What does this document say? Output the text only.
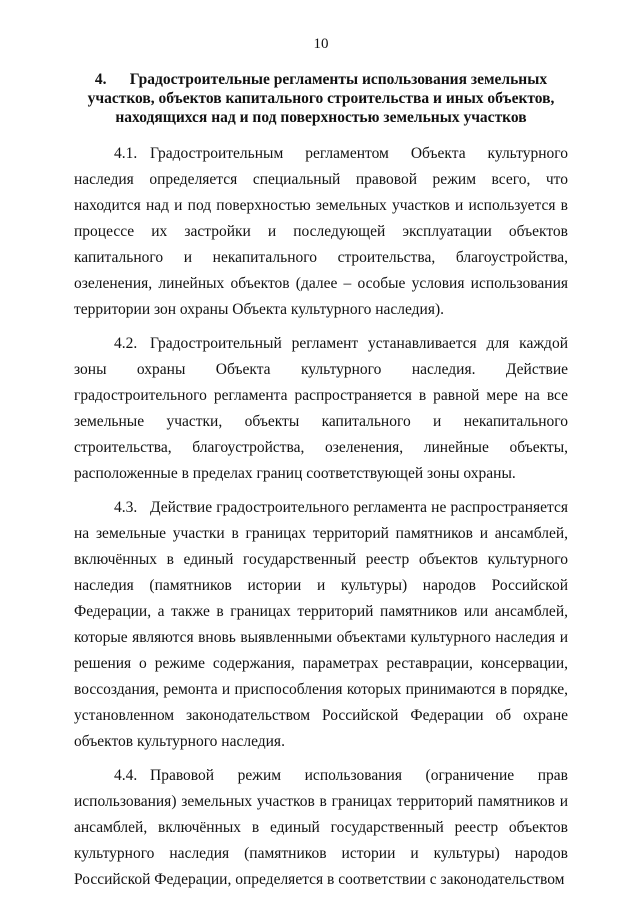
10
4. Градостроительные регламенты использования земельных
участков, объектов капитального строительства и иных объектов,
находящихся над и под поверхностью земельных участков

4.1. Градостроительным регламентом Объекта культурного наследия определяется специальный правовой режим всего, что находится над и под поверхностью земельных участков и используется в процессе их застройки и последующей эксплуатации объектов капитального и некапитального строительства, благоустройства, озеленения, линейных объектов (далее – особые условия использования территории зон охраны Объекта культурного наследия).

4.2. Градостроительный регламент устанавливается для каждой зоны охраны Объекта культурного наследия. Действие градостроительного регламента распространяется в равной мере на все земельные участки, объекты капитального и некапитального строительства, благоустройства, озеленения, линейные объекты, расположенные в пределах границ соответствующей зоны охраны.

4.3. Действие градостроительного регламента не распространяется на земельные участки в границах территорий памятников и ансамблей, включённых в единый государственный реестр объектов культурного наследия (памятников истории и культуры) народов Российской Федерации, а также в границах территорий памятников или ансамблей, которые являются вновь выявленными объектами культурного наследия и решения о режиме содержания, параметрах реставрации, консервации, воссоздания, ремонта и приспособления которых принимаются в порядке, установленном законодательством Российской Федерации об охране объектов культурного наследия.

4.4. Правовой режим использования (ограничение прав использования) земельных участков в границах территорий памятников и ансамблей, включённых в единый государственный реестр объектов культурного наследия (памятников истории и культуры) народов Российской Федерации, определяется в соответствии с законодательством
